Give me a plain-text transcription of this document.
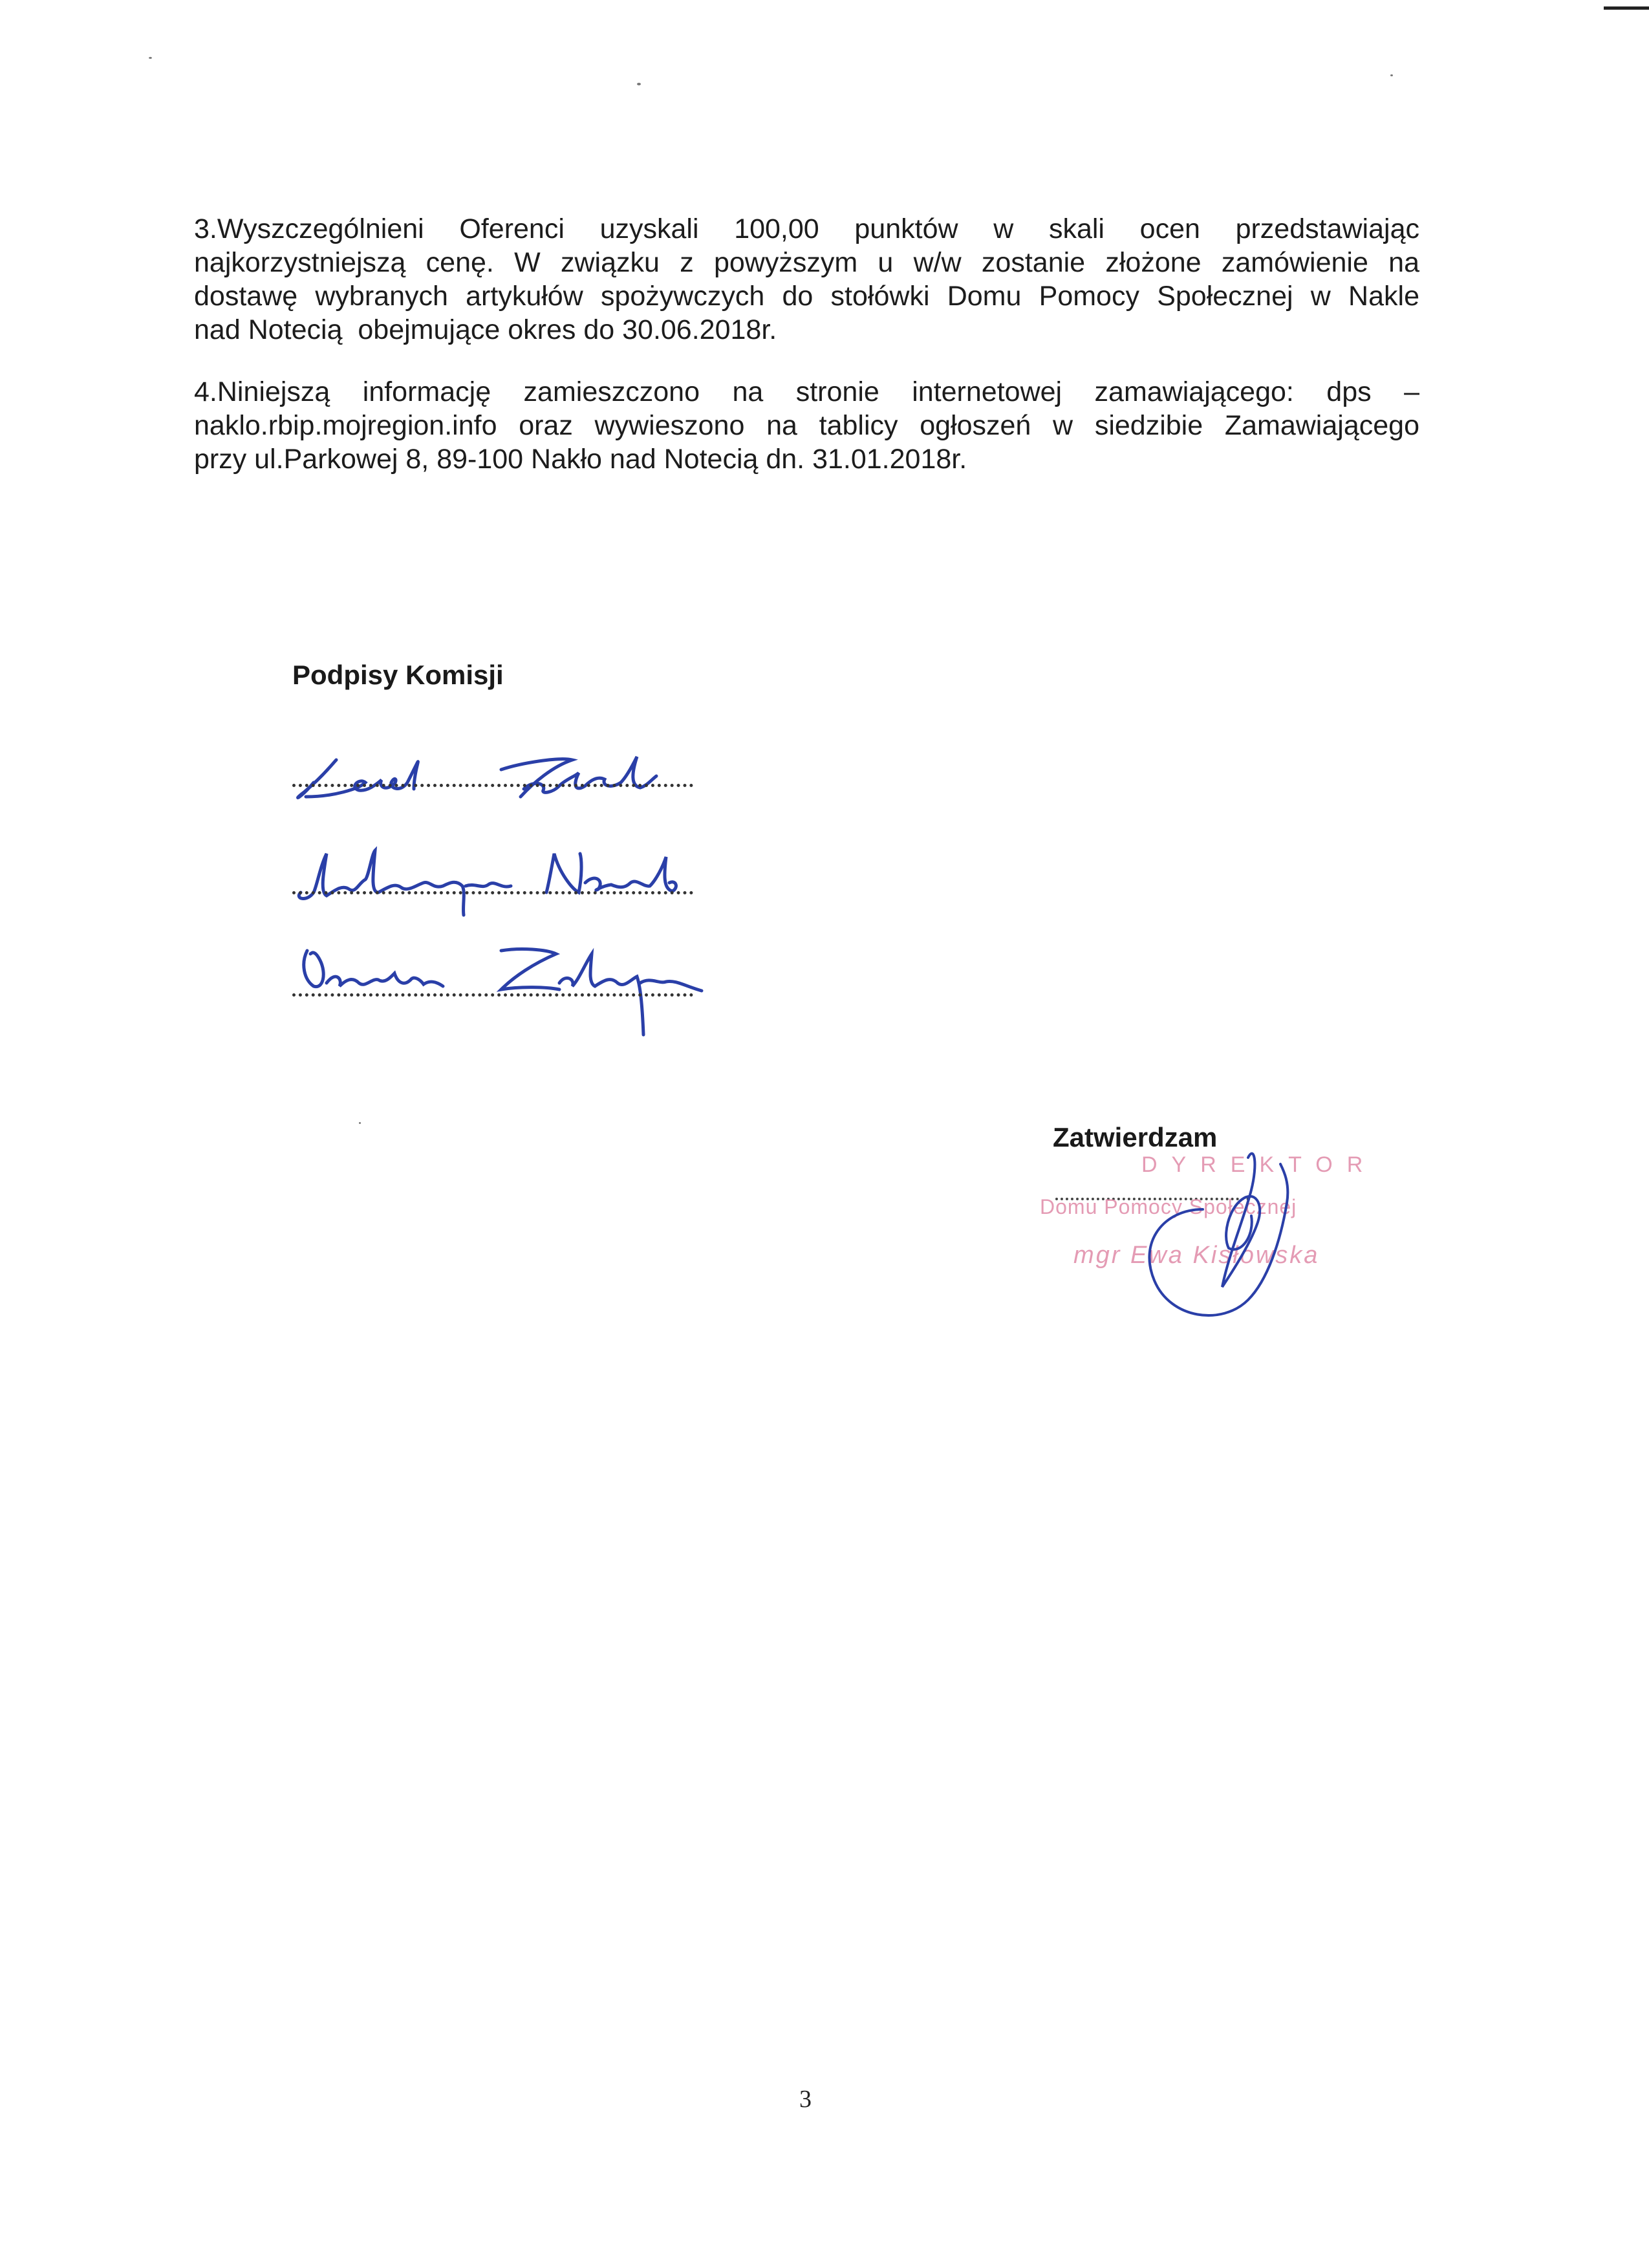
3.Wyszczególnieni Oferenci uzyskali 100,00 punktów w skali ocen przedstawiając
najkorzystniejszą cenę. W związku z powyższym u w/w zostanie złożone zamówienie na
dostawę wybranych artykułów spożywczych do stołówki Domu Pomocy Społecznej w Nakle
nad Notecią  obejmujące okres do 30.06.2018r.
4.Niniejszą informację zamieszczono na stronie internetowej zamawiającego: dps –
naklo.rbip.mojregion.info oraz wywieszono na tablicy ogłoszeń w siedzibie Zamawiającego
przy ul.Parkowej 8, 89-100 Nakło nad Notecią dn. 31.01.2018r.
Podpisy Komisji
Zatwierdzam
DYREKTOR
Domu Pomocy Społecznej
mgr Ewa Kisłowska
3
